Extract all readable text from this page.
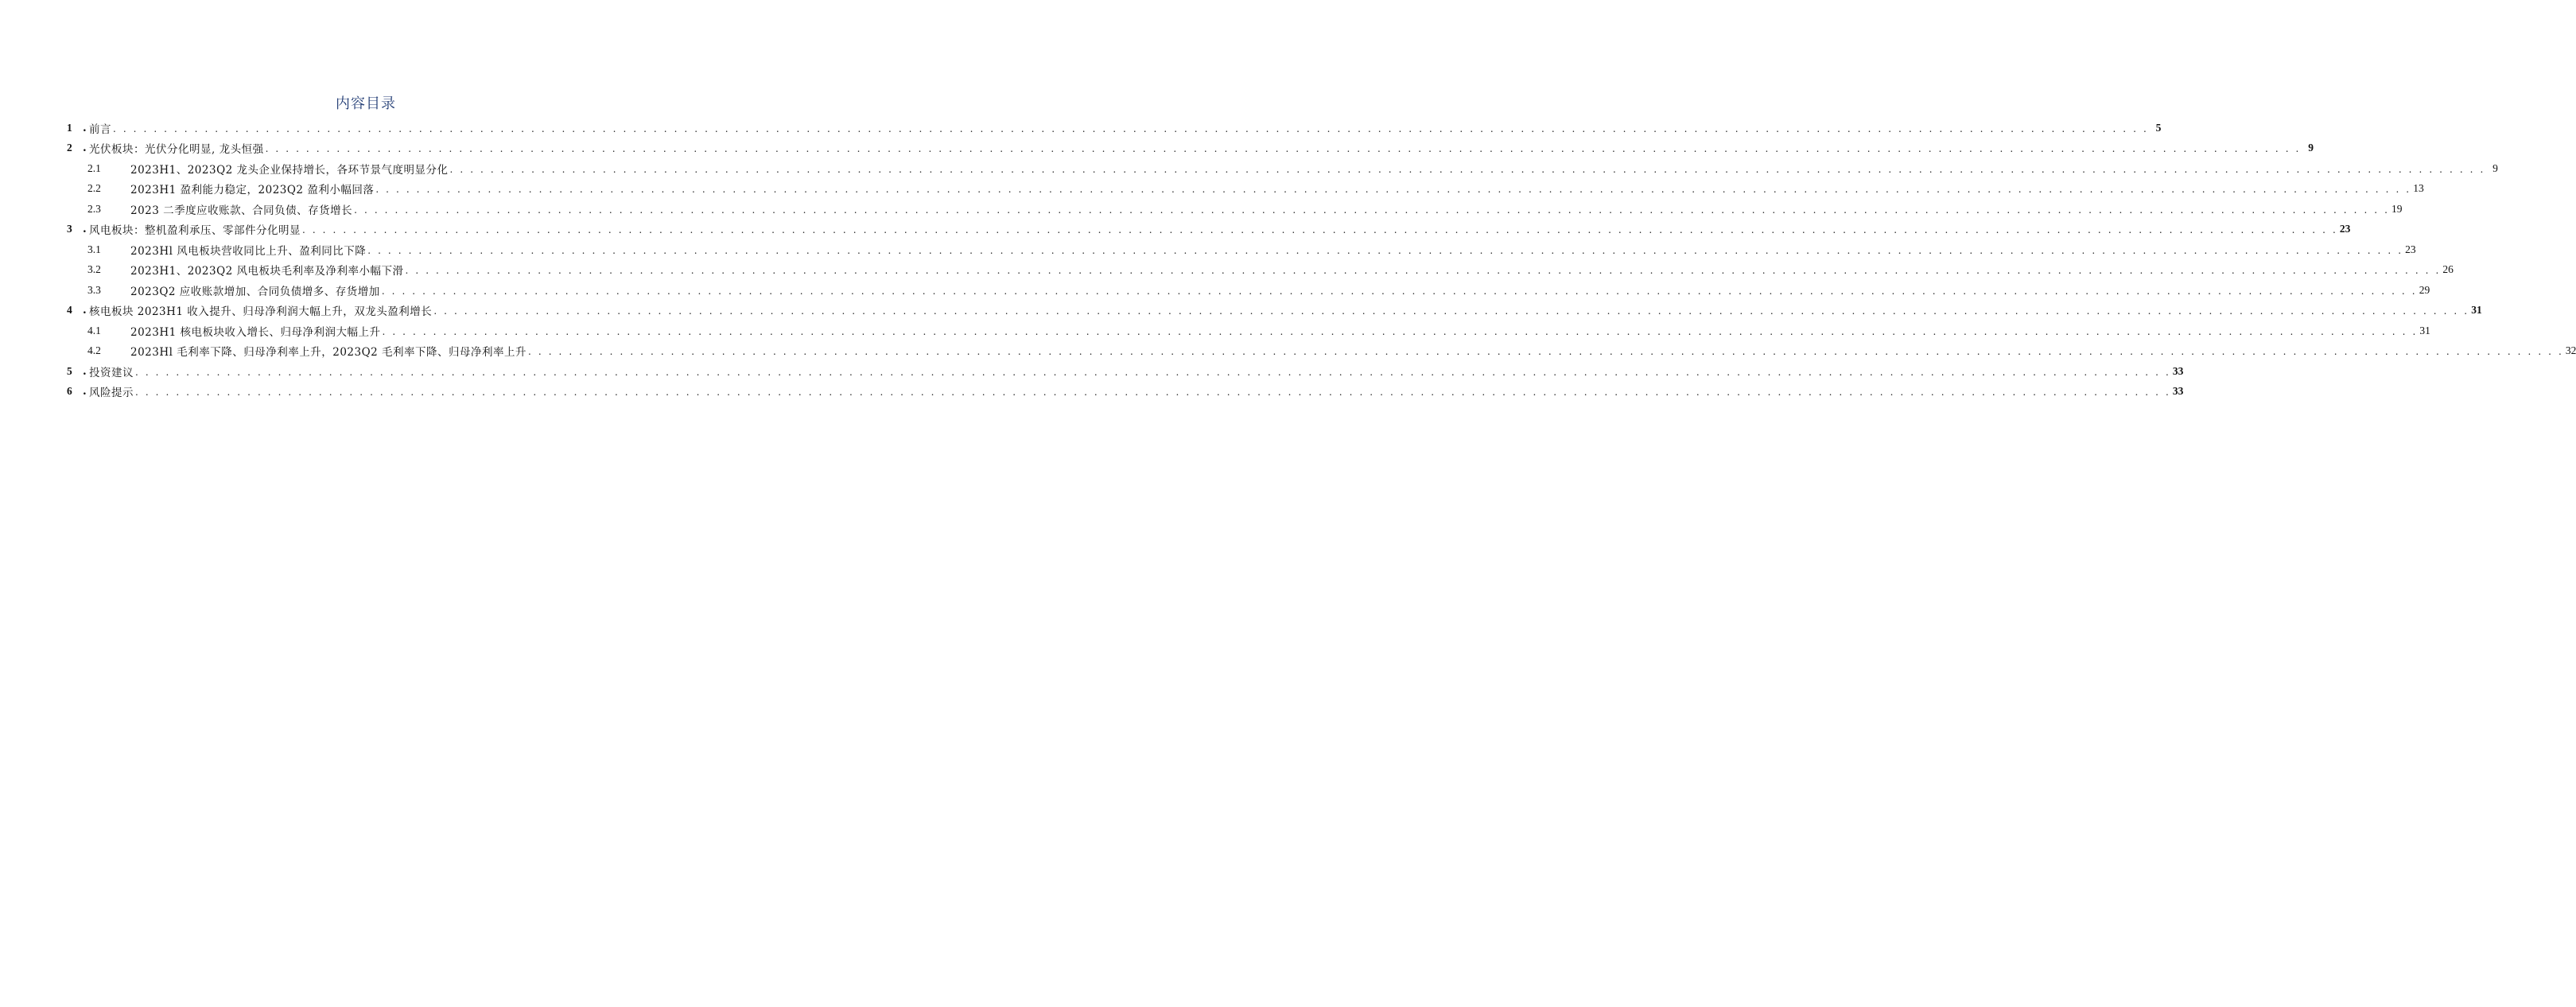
内容目录
1 . 前言 . . . . . . . . . . . . . . . . . . . . . . . . . . . . . . . . . . . . . . . . . . . . . . . . . . . . . . . . . . . . . . . . . . . . . . . . . . . . . . . . . . . . . . . . . . . . . . . . . . . . . . . . . . . . . . . . . . . . . . . . . . . . . . . . . . . . . . . . . . . . . . . . . . . . . . . . . . . . . . . . . . . . . . . . . . . . . . . . . . . . . . . . . . . . . . . . . . . . . . . . 5
2 . 光伏板块：光伏分化明显, 龙头恒强 . . . . . . . . . . . . . . . . . . . . . . . . . . . . . . . . . . . . . . . . . . . . . . . . . . . . . . . . . . . . . . . . . . . . . . . . . . . . . . . . . . . . . . . . . . . . . . . . . . . . . . . . . . . . . . . . . . . . . . . . . . . . . . . . . . . . . . . . . . . . . . . . . . . . . . . . . . . . . . . . . . . . . . . . . . . . . . . . . . . . . . . . . . . . . . . . . . . . . . . . 9
2.1	2023H1、2023Q2 龙头企业保持增长，各环节景气度明显分化 . . . . . . . . . . . . . . . . . . . . . . . . . . . . . . . . . . . . . . . . . . . . . . . . . . . . . . . . . . . . . . . . . . . . . . . . . . . . . . . . . . . . . . . . . . . . . . . . . . . . . . . . . . . . . . . . . . . . . . . . . . . . . . . . . . . . . . . . . . . . . . . . . . . . . . . . . . . . . . . . . . . . . . . . . . . . . . . . . . . . . . . . . . . . . . . . . . . . . . . . 9
2.2	2023H1 盈利能力稳定，2023Q2 盈利小幅回落 . . . . . . . . . . . . . . . . . . . . . . . . . . . . . . . . . . . . . . . . . . . . . . . . . . . . . . . . . . . . . . . . . . . . . . . . . . . . . . . . . . . . . . . . . . . . . . . . . . . . . . . . . . . . . . . . . . . . . . . . . . . . . . . . . . . . . . . . . . . . . . . . . . . . . . . . . . . . . . . . . . . . . . . . . . . . . . . . . . . . . . . . . . . . . . . . . . . . . . . . 13
2.3	2023 二季度应收账款、合同负债、存货增长 . . . . . . . . . . . . . . . . . . . . . . . . . . . . . . . . . . . . . . . . . . . . . . . . . . . . . . . . . . . . . . . . . . . . . . . . . . . . . . . . . . . . . . . . . . . . . . . . . . . . . . . . . . . . . . . . . . . . . . . . . . . . . . . . . . . . . . . . . . . . . . . . . . . . . . . . . . . . . . . . . . . . . . . . . . . . . . . . . . . . . . . . . . . . . . . . . . . . . . . . 19
3 . 风电板块：整机盈利承压、零部件分化明显 . . . . . . . . . . . . . . . . . . . . . . . . . . . . . . . . . . . . . . . . . . . . . . . . . . . . . . . . . . . . . . . . . . . . . . . . . . . . . . . . . . . . . . . . . . . . . . . . . . . . . . . . . . . . . . . . . . . . . . . . . . . . . . . . . . . . . . . . . . . . . . . . . . . . . . . . . . . . . . . . . . . . . . . . . . . . . . . . . . . . . . . . . . . . . . . . . . . . . . . . 23
3.1	2023Hl 风电板块营收同比上升、盈利同比下降 . . . . . . . . . . . . . . . . . . . . . . . . . . . . . . . . . . . . . . . . . . . . . . . . . . . . . . . . . . . . . . . . . . . . . . . . . . . . . . . . . . . . . . . . . . . . . . . . . . . . . . . . . . . . . . . . . . . . . . . . . . . . . . . . . . . . . . . . . . . . . . . . . . . . . . . . . . . . . . . . . . . . . . . . . . . . . . . . . . . . . . . . . . . . . . . . . . . . . . . . 23
3.2	2023H1、2023Q2 风电板块毛利率及净利率小幅下滑 . . . . . . . . . . . . . . . . . . . . . . . . . . . . . . . . . . . . . . . . . . . . . . . . . . . . . . . . . . . . . . . . . . . . . . . . . . . . . . . . . . . . . . . . . . . . . . . . . . . . . . . . . . . . . . . . . . . . . . . . . . . . . . . . . . . . . . . . . . . . . . . . . . . . . . . . . . . . . . . . . . . . . . . . . . . . . . . . . . . . . . . . . . . . . . . . . . . . . . . . 26
3.3	2023Q2 应收账款增加、合同负债增多、存货增加 . . . . . . . . . . . . . . . . . . . . . . . . . . . . . . . . . . . . . . . . . . . . . . . . . . . . . . . . . . . . . . . . . . . . . . . . . . . . . . . . . . . . . . . . . . . . . . . . . . . . . . . . . . . . . . . . . . . . . . . . . . . . . . . . . . . . . . . . . . . . . . . . . . . . . . . . . . . . . . . . . . . . . . . . . . . . . . . . . . . . . . . . . . . . . . . . . . . . . . . . 29
4 . 核电板块 2023H1 收入提升、归母净利润大幅上升，双龙头盈利增长 . . . . . . . . . . . . . . . . . . . . . . . . . . . . . . . . . . . . . . . . . . . . . . . . . . . . . . . . . . . . . . . . . . . . . . . . . . . . . . . . . . . . . . . . . . . . . . . . . . . . . . . . . . . . . . . . . . . . . . . . . . . . . . . . . . . . . . . . . . . . . . . . . . . . . . . . . . . . . . . . . . . . . . . . . . . . . . . . . . . . . . . . . . . . . . . . . . . . . . . . 31
4.1	2023H1 核电板块收入增长、归母净利润大幅上升 . . . . . . . . . . . . . . . . . . . . . . . . . . . . . . . . . . . . . . . . . . . . . . . . . . . . . . . . . . . . . . . . . . . . . . . . . . . . . . . . . . . . . . . . . . . . . . . . . . . . . . . . . . . . . . . . . . . . . . . . . . . . . . . . . . . . . . . . . . . . . . . . . . . . . . . . . . . . . . . . . . . . . . . . . . . . . . . . . . . . . . . . . . . . . . . . . . . . . . . . 31
4.2	2023Hl 毛利率下降、归母净利率上升，2023Q2 毛利率下降、归母净利率上升 . . . . . . . . . . . . . . . . . . . . . . . . . . . . . . . . . . . . . . . . . . . . . . . . . . . . . . . . . . . . . . . . . . . . . . . . . . . . . . . . . . . . . . . . . . . . . . . . . . . . . . . . . . . . . . . . . . . . . . . . . . . . . . . . . . . . . . . . . . . . . . . . . . . . . . . . . . . . . . . . . . . . . . . . . . . . . . . . . . . . . . . . . . . . . . . . . . . . . . . . 32
5 . 投资建议 . . . . . . . . . . . . . . . . . . . . . . . . . . . . . . . . . . . . . . . . . . . . . . . . . . . . . . . . . . . . . . . . . . . . . . . . . . . . . . . . . . . . . . . . . . . . . . . . . . . . . . . . . . . . . . . . . . . . . . . . . . . . . . . . . . . . . . . . . . . . . . . . . . . . . . . . . . . . . . . . . . . . . . . . . . . . . . . . . . . . . . . . . . . . . . . . . . . . . . . . 33
6 . 风险提示 . . . . . . . . . . . . . . . . . . . . . . . . . . . . . . . . . . . . . . . . . . . . . . . . . . . . . . . . . . . . . . . . . . . . . . . . . . . . . . . . . . . . . . . . . . . . . . . . . . . . . . . . . . . . . . . . . . . . . . . . . . . . . . . . . . . . . . . . . . . . . . . . . . . . . . . . . . . . . . . . . . . . . . . . . . . . . . . . . . . . . . . . . . . . . . . . . . . . . . . . 33
